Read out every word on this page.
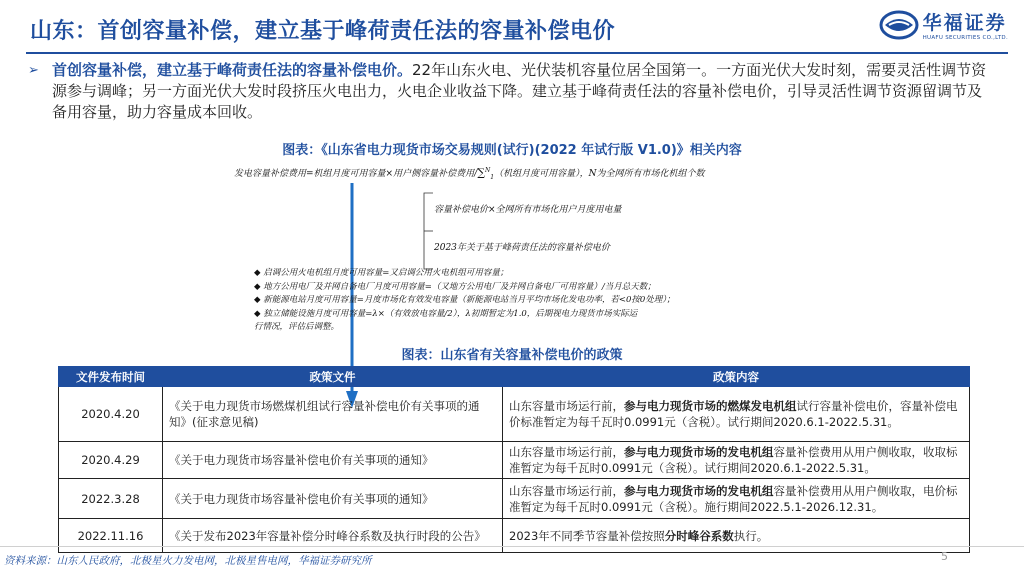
山东：首创容量补偿，建立基于峰荷责任法的容量补偿电价	华福证券
HUAFU SECURITIES CO.,LTD.
➢ 首创容量补偿，建立基于峰荷责任法的容量补偿电价。22年山东火电、光伏装机容量位居全国第一。一方面光伏大发时刻，需要灵活性调节资源参与调峰；另一方面光伏大发时段挤压火电出力，火电企业收益下降。建立基于峰荷责任法的容量补偿电价，引导灵活性调节资源留调节及备用容量，助力容量成本回收。
图表：《山东省电力现货市场交易规则(试行)(2022 年试行版 V1.0)》相关内容
发电容量补偿费用=机组月度可用容量×用户侧容量补偿费用/∑$^N_1$（机组月度可用容量），N为全网所有市场化机组个数
容量补偿电价×全网所有市场化用户月度用电量
2023年关于基于峰荷责任法的容量补偿电价
◆ 启调公用火电机组月度可用容量=又启调公用火电机组可用容量；
◆ 地方公用电厂及并网自备电厂月度可用容量=（又地方公用电厂及并网自备电厂可用容量）/当月总天数；
◆ 新能源电站月度可用容量=月度市场化有效发电容量（新能源电站当月平均市场化发电功率，若<0按0处理）；
◆ 独立储能设施月度可用容量=λ×（有效放电容量/2），λ初期暂定为1.0，后期视电力现货市场实际运
行情况，评估后调整。
图表：山东省有关容量补偿电价的政策
文件发布时间	政策文件	政策内容
2020.4.20	《关于电力现货市场燃煤机组试行容量补偿电价有关事项的通知》(征求意见稿)	山东容量市场运行前，参与电力现货市场的燃煤发电机组试行容量补偿电价，容量补偿电价标准暂定为每千瓦时0.0991元（含税）。试行期间2020.6.1-2022.5.31。
2020.4.29	《关于电力现货市场容量补偿电价有关事项的通知》	山东容量市场运行前，参与电力现货市场的发电机组容量补偿费用从用户侧收取，收取标准暂定为每千瓦时0.0991元（含税）。试行期间2020.6.1-2022.5.31。
2022.3.28	《关于电力现货市场容量补偿电价有关事项的通知》	山东容量市场运行前，参与电力现货市场的发电机组容量补偿费用从用户侧收取，电价标准暂定为每千瓦时0.0991元（含税）。施行期间2022.5.1-2026.12.31。
2022.11.16	《关于发布2023年容量补偿分时峰谷系数及执行时段的公告》	2023年不同季节容量补偿按照分时峰谷系数执行。
资料来源：山东人民政府，北极星火力发电网，北极星售电网，华福证券研究所	5
